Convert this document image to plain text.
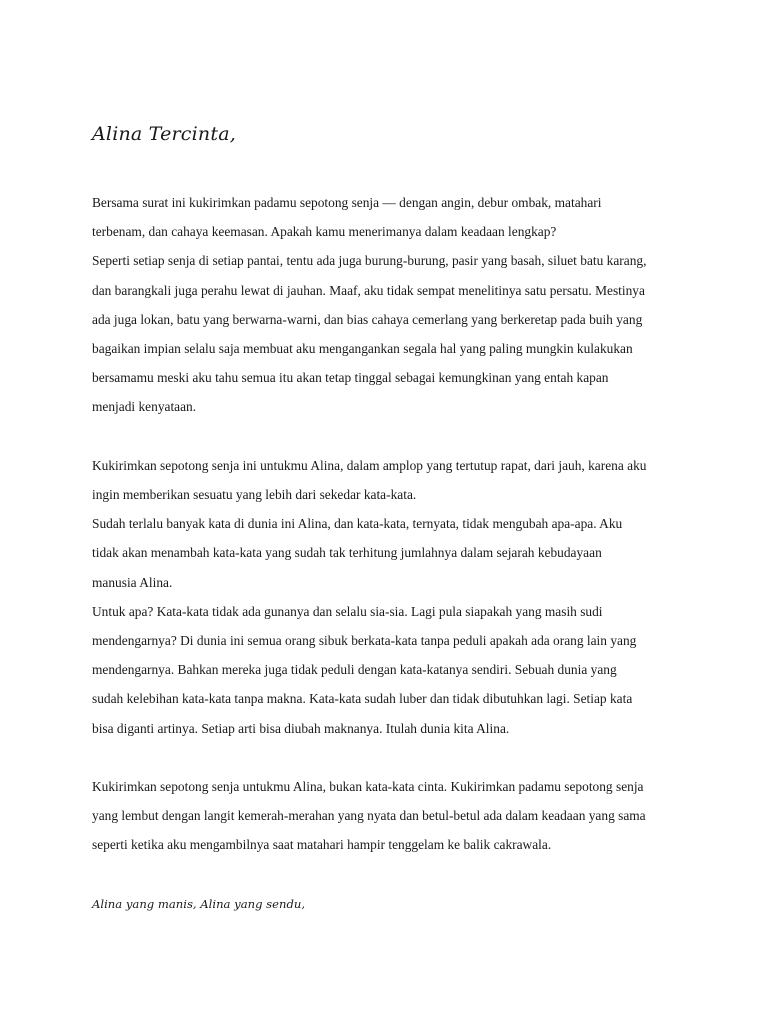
Alina Tercinta,
Bersama surat ini kukirimkan padamu sepotong senja — dengan angin, debur ombak, matahari
terbenam, dan cahaya keemasan. Apakah kamu menerimanya dalam keadaan lengkap?
Seperti setiap senja di setiap pantai, tentu ada juga burung-burung, pasir yang basah, siluet batu karang,
dan barangkali juga perahu lewat di jauhan. Maaf, aku tidak sempat menelitinya satu persatu. Mestinya
ada juga lokan, batu yang berwarna-warni, dan bias cahaya cemerlang yang berkeretap pada buih yang
bagaikan impian selalu saja membuat aku mengangankan segala hal yang paling mungkin kulakukan
bersamamu meski aku tahu semua itu akan tetap tinggal sebagai kemungkinan yang entah kapan
menjadi kenyataan.
Kukirimkan sepotong senja ini untukmu Alina, dalam amplop yang tertutup rapat, dari jauh, karena aku
ingin memberikan sesuatu yang lebih dari sekedar kata-kata.
Sudah terlalu banyak kata di dunia ini Alina, dan kata-kata, ternyata, tidak mengubah apa-apa. Aku
tidak akan menambah kata-kata yang sudah tak terhitung jumlahnya dalam sejarah kebudayaan
manusia Alina.
Untuk apa? Kata-kata tidak ada gunanya dan selalu sia-sia. Lagi pula siapakah yang masih sudi
mendengarnya? Di dunia ini semua orang sibuk berkata-kata tanpa peduli apakah ada orang lain yang
mendengarnya. Bahkan mereka juga tidak peduli dengan kata-katanya sendiri. Sebuah dunia yang
sudah kelebihan kata-kata tanpa makna. Kata-kata sudah luber dan tidak dibutuhkan lagi. Setiap kata
bisa diganti artinya. Setiap arti bisa diubah maknanya. Itulah dunia kita Alina.
Kukirimkan sepotong senja untukmu Alina, bukan kata-kata cinta. Kukirimkan padamu sepotong senja
yang lembut dengan langit kemerah-merahan yang nyata dan betul-betul ada dalam keadaan yang sama
seperti ketika aku mengambilnya saat matahari hampir tenggelam ke balik cakrawala.
Alina yang manis, Alina yang sendu,
